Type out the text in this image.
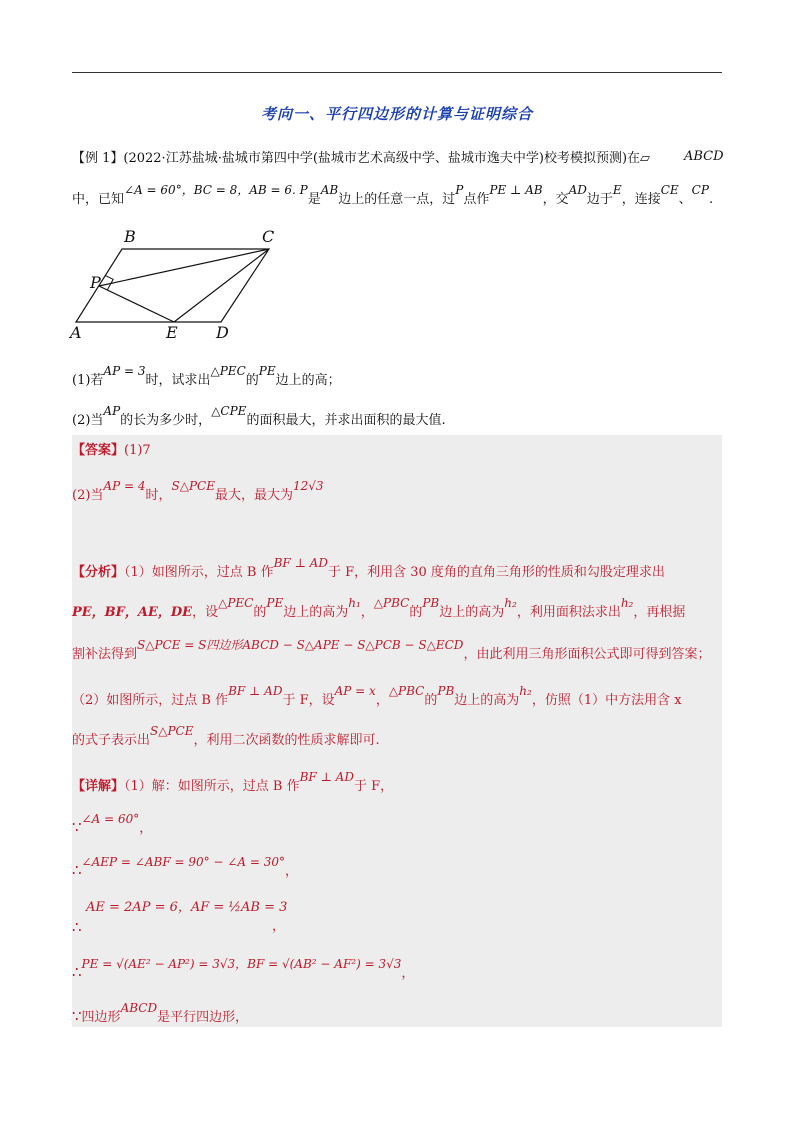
考向一、平行四边形的计算与证明综合
【例 1】(2022·江苏盐城·盐城市第四中学(盐城市艺术高级中学、盐城市逸夫中学)校考模拟预测)在▱	ABCD
中，已知∠A = 60°，BC = 8，AB = 6. P是AB边上的任意一点，过P点作PE ⊥ AB，交AD边于E，连接CE、CP.
B	C
P
A	E D
(1)若AP = 3时，试求出△PEC的PE边上的高；
(2)当AP的长为多少时，△CPE的面积最大，并求出面积的最大值.
【答案】(1)7
(2)当AP = 4时，S△PCE最大，最大为12√3
【分析】（1）如图所示，过点 B 作BF ⊥ AD于 F，利用含 30 度角的直角三角形的性质和勾股定理求出
PE，BF，AE，DE，设△PEC的PE边上的高为h₁，△PBC的PB边上的高为h₂，利用面积法求出h₂，再根据
割补法得到S△PCE = S四边形ABCD − S△APE − S△PCB − S△ECD，由此利用三角形面积公式即可得到答案；
（2）如图所示，过点 B 作BF ⊥ AD于 F，设AP = x，△PBC的PB边上的高为h₂，仿照（1）中方法用含 x
的式子表示出S△PCE，利用二次函数的性质求解即可.
【详解】（1）解：如图所示，过点 B 作BF ⊥ AD于 F，
∵∠A = 60°，
∴∠AEP = ∠ABF = 90° − ∠A = 30°，
AE = 2AP = 6，AF = ½AB = 3
∴	，
∴PE = √(AE² − AP²) = 3√3，BF = √(AB² − AF²) = 3√3，
∵四边形ABCD是平行四边形，
